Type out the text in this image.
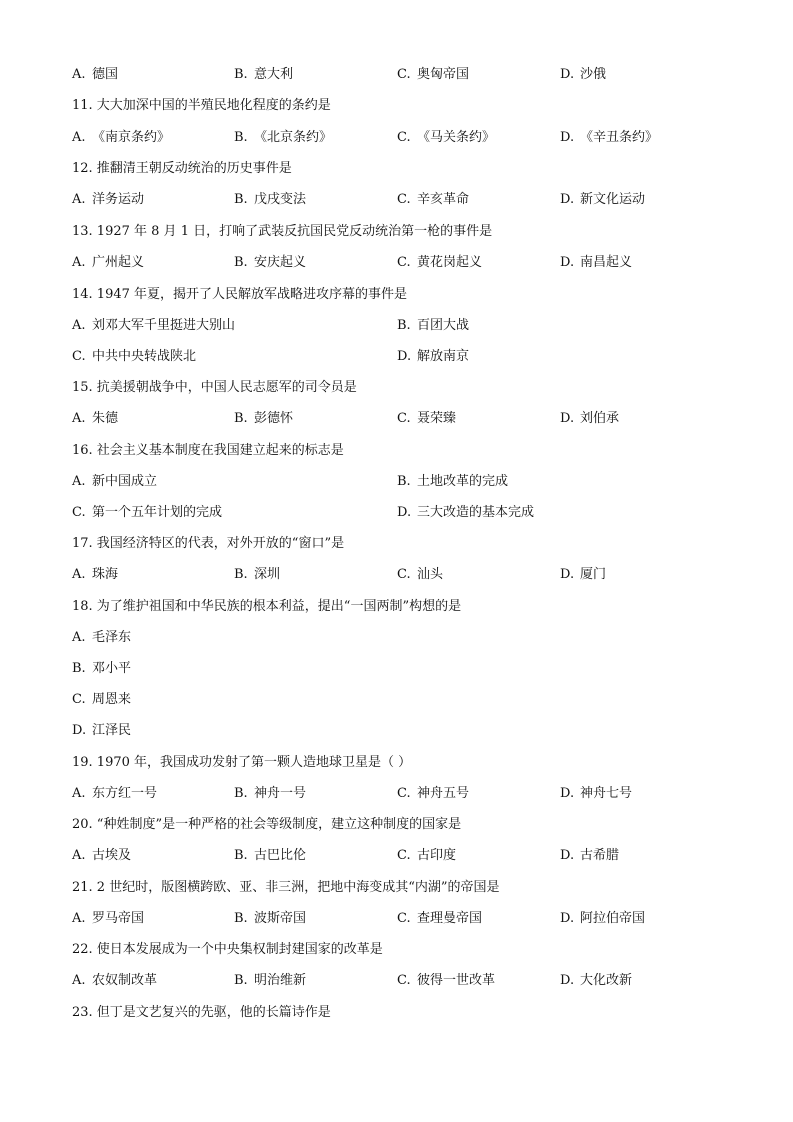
A. 德国	B. 意大利	C. 奥匈帝国	D. 沙俄
11. 大大加深中国的半殖民地化程度的条约是
A. 《南京条约》	B. 《北京条约》	C. 《马关条约》	D. 《辛丑条约》
12. 推翻清王朝反动统治的历史事件是
A. 洋务运动	B. 戊戌变法	C. 辛亥革命	D. 新文化运动
13. 1927 年 8 月 1 日，打响了武装反抗国民党反动统治第一枪的事件是
A. 广州起义	B. 安庆起义	C. 黄花岗起义	D. 南昌起义
14. 1947 年夏，揭开了人民解放军战略进攻序幕的事件是
A. 刘邓大军千里挺进大别山	B. 百团大战
C. 中共中央转战陕北	D. 解放南京
15. 抗美援朝战争中，中国人民志愿军的司令员是
A. 朱德	B. 彭德怀	C. 聂荣臻	D. 刘伯承
16. 社会主义基本制度在我国建立起来的标志是
A. 新中国成立	B. 土地改革的完成
C. 第一个五年计划的完成	D. 三大改造的基本完成
17. 我国经济特区的代表，对外开放的“窗口”是
A. 珠海	B. 深圳	C. 汕头	D. 厦门
18. 为了维护祖国和中华民族的根本利益，提出“一国两制”构想的是
A. 毛泽东
B. 邓小平
C. 周恩来
D. 江泽民
19. 1970 年，我国成功发射了第一颗人造地球卫星是（ ）
A. 东方红一号	B. 神舟一号	C. 神舟五号	D. 神舟七号
20. “种姓制度”是一种严格的社会等级制度，建立这种制度的国家是
A. 古埃及	B. 古巴比伦	C. 古印度	D. 古希腊
21. 2 世纪时，版图横跨欧、亚、非三洲，把地中海变成其“内湖”的帝国是
A. 罗马帝国	B. 波斯帝国	C. 查理曼帝国	D. 阿拉伯帝国
22. 使日本发展成为一个中央集权制封建国家的改革是
A. 农奴制改革	B. 明治维新	C. 彼得一世改革	D. 大化改新
23. 但丁是文艺复兴的先驱，他的长篇诗作是
